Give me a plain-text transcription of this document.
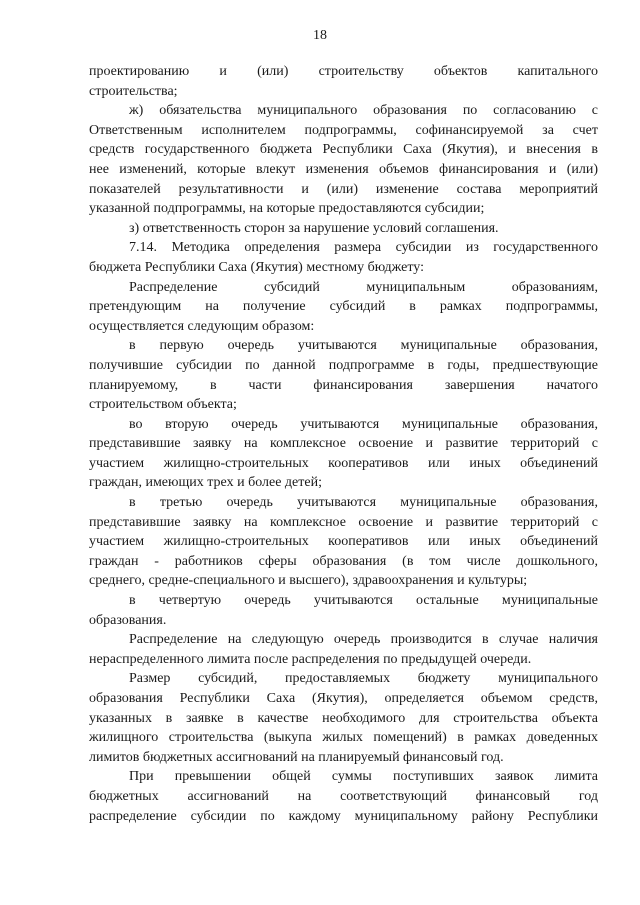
18
проектированию и (или) строительству объектов капитального
строительства;
ж) обязательства муниципального образования по согласованию с
Ответственным исполнителем подпрограммы, софинансируемой за счет
средств государственного бюджета Республики Саха (Якутия), и внесения в
нее изменений, которые влекут изменения объемов финансирования и (или)
показателей результативности и (или) изменение состава мероприятий
указанной подпрограммы, на которые предоставляются субсидии;
з) ответственность сторон за нарушение условий соглашения.
7.14. Методика определения размера субсидии из государственного
бюджета Республики Саха (Якутия) местному бюджету:
Распределение субсидий муниципальным образованиям,
претендующим на получение субсидий в рамках подпрограммы,
осуществляется следующим образом:
в первую очередь учитываются муниципальные образования,
получившие субсидии по данной подпрограмме в годы, предшествующие
планируемому, в части финансирования завершения начатого
строительством объекта;
во вторую очередь учитываются муниципальные образования,
представившие заявку на комплексное освоение и развитие территорий с
участием жилищно-строительных кооперативов или иных объединений
граждан, имеющих трех и более детей;
в третью очередь учитываются муниципальные образования,
представившие заявку на комплексное освоение и развитие территорий с
участием жилищно-строительных кооперативов или иных объединений
граждан - работников сферы образования (в том числе дошкольного,
среднего, средне-специального и высшего), здравоохранения и культуры;
в четвертую очередь учитываются остальные муниципальные
образования.
Распределение на следующую очередь производится в случае наличия
нераспределенного лимита после распределения по предыдущей очереди.
Размер субсидий, предоставляемых бюджету муниципального
образования Республики Саха (Якутия), определяется объемом средств,
указанных в заявке в качестве необходимого для строительства объекта
жилищного строительства (выкупа жилых помещений) в рамках доведенных
лимитов бюджетных ассигнований на планируемый финансовый год.
При превышении общей суммы поступивших заявок лимита
бюджетных ассигнований на соответствующий финансовый год
распределение субсидии по каждому муниципальному району Республики
